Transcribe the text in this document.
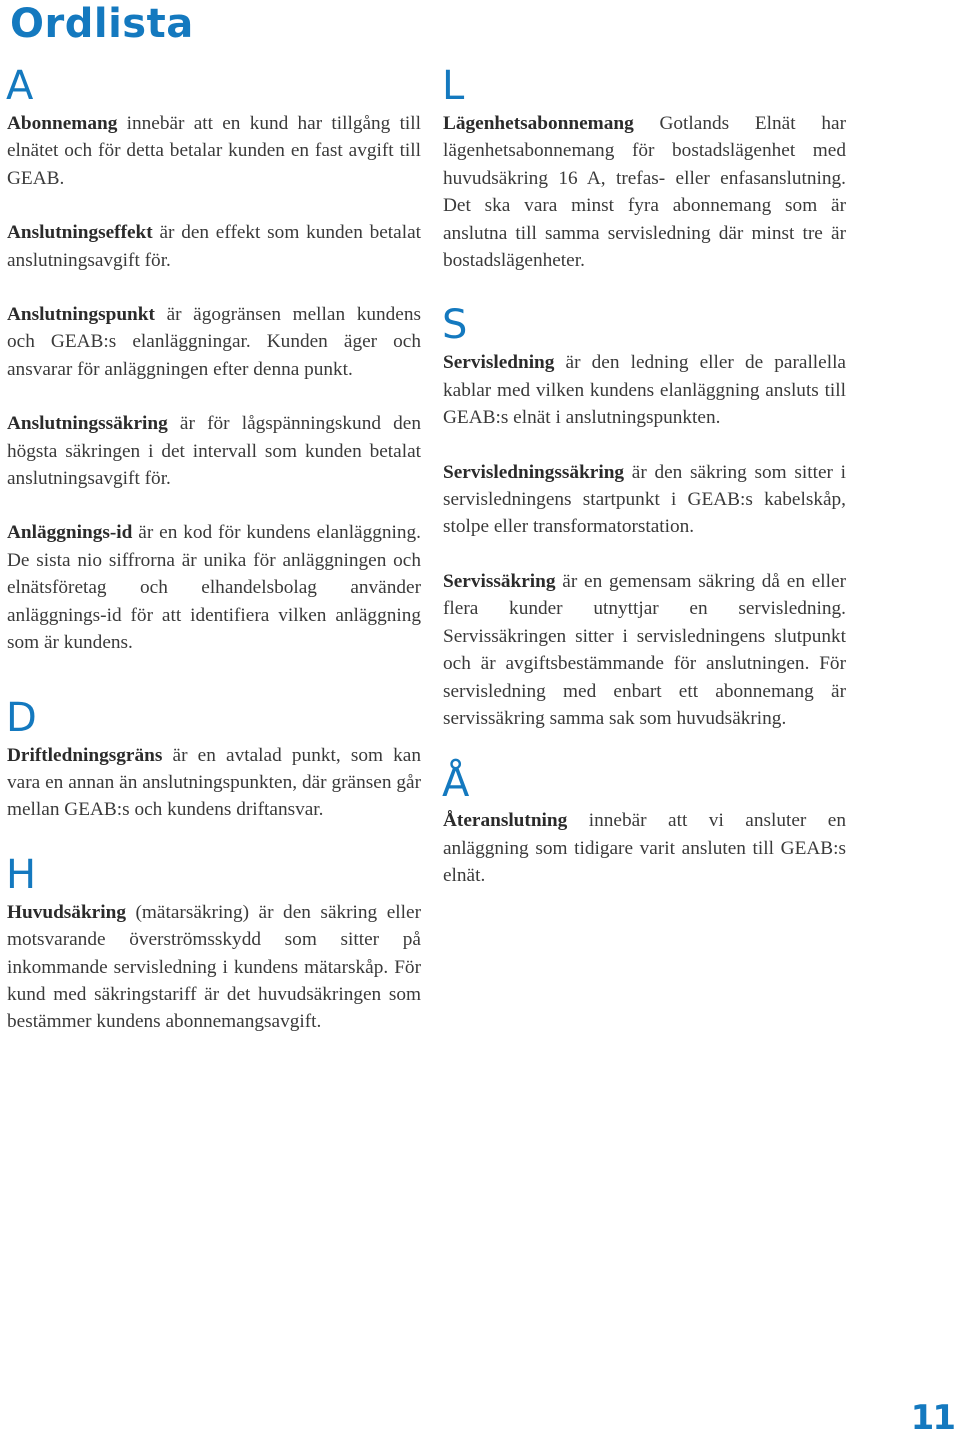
Ordlista
A

Abonnemang innebär att en kund har tillgång till elnätet och för detta betalar kunden en fast avgift till GEAB.

Anslutningseffekt är den effekt som kunden betalat anslutningsavgift för.

Anslutningspunkt är ägogränsen mellan kundens och GEAB:s elanläggningar. Kunden äger och ansvarar för anläggningen efter denna punkt.

Anslutningssäkring är för lågspänningskund den högsta säkringen i det intervall som kunden betalat anslutningsavgift för.

Anläggnings-id är en kod för kundens elanläggning. De sista nio siffrorna är unika för anläggningen och elnätsföretag och elhandelsbolag använder anläggnings-id för att identifiera vilken anläggning som är kundens.

D

Driftledningsgräns är en avtalad punkt, som kan vara en annan än anslutningspunkten, där gränsen går mellan GEAB:s och kundens driftansvar.

H

Huvudsäkring (mätarsäkring) är den säkring eller motsvarande överströmsskydd som sitter på inkommande servisledning i kundens mätarskåp. För kund med säkringstariff är det huvudsäkringen som bestämmer kundens abonnemangsavgift.

L

Lägenhetsabonnemang Gotlands Elnät har lägenhetsabonnemang för bostadslägenhet med huvudsäkring 16 A, trefas- eller enfasanslutning. Det ska vara minst fyra abonnemang som är anslutna till samma servisledning där minst tre är bostadslägenheter.

S

Servisledning är den ledning eller de parallella kablar med vilken kundens elanläggning ansluts till GEAB:s elnät i anslutningspunkten.

Servisledningssäkring är den säkring som sitter i servisledningens startpunkt i GEAB:s kabelskåp, stolpe eller transformatorstation.

Servissäkring är en gemensam säkring då en eller flera kunder utnyttjar en servisledning. Servissäkringen sitter i servisledningens slutpunkt och är avgiftsbestämmande för anslutningen. För servisledning med enbart ett abonnemang är servissäkring samma sak som huvudsäkring.

Å

Återanslutning innebär att vi ansluter en anläggning som tidigare varit ansluten till GEAB:s elnät.

11
